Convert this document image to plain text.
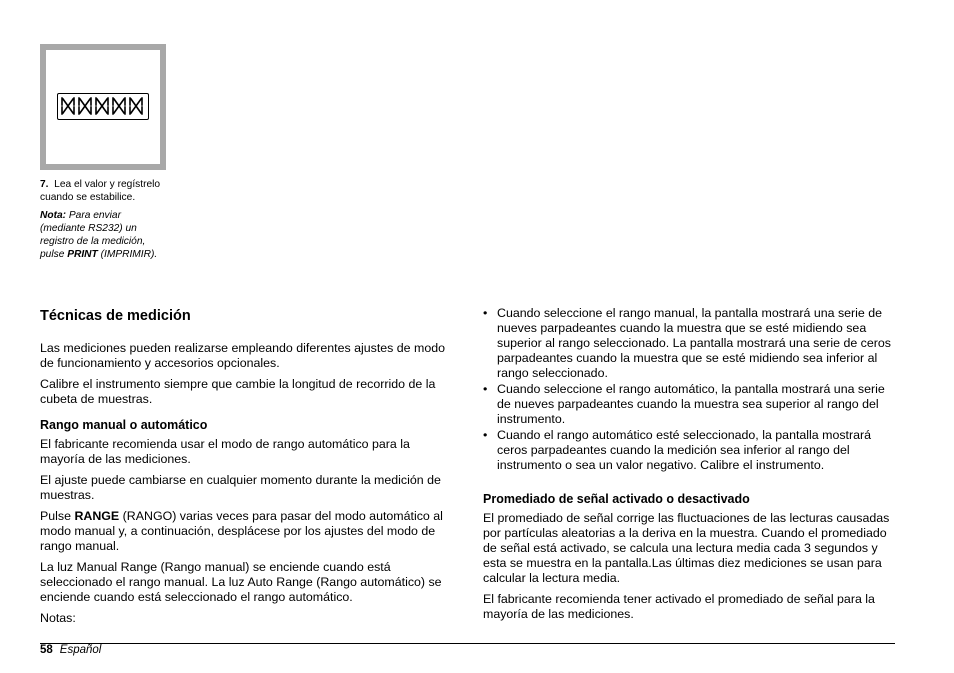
7. Lea el valor y regístrelo cuando se estabilice.

Nota: Para enviar (mediante RS232) un registro de la medición, pulse PRINT (IMPRIMIR).

Técnicas de medición

Las mediciones pueden realizarse empleando diferentes ajustes de modo de funcionamiento y accesorios opcionales.

Calibre el instrumento siempre que cambie la longitud de recorrido de la cubeta de muestras.

Rango manual o automático

El fabricante recomienda usar el modo de rango automático para la mayoría de las mediciones.

El ajuste puede cambiarse en cualquier momento durante la medición de muestras.

Pulse RANGE (RANGO) varias veces para pasar del modo automático al modo manual y, a continuación, desplácese por los ajustes del modo de rango manual.

La luz Manual Range (Rango manual) se enciende cuando está seleccionado el rango manual. La luz Auto Range (Rango automático) se enciende cuando está seleccionado el rango automático.

Notas:

• Cuando seleccione el rango manual, la pantalla mostrará una serie de nueves parpadeantes cuando la muestra que se esté midiendo sea superior al rango seleccionado. La pantalla mostrará una serie de ceros parpadeantes cuando la muestra que se esté midiendo sea inferior al rango seleccionado.
• Cuando seleccione el rango automático, la pantalla mostrará una serie de nueves parpadeantes cuando la muestra sea superior al rango del instrumento.
• Cuando el rango automático esté seleccionado, la pantalla mostrará ceros parpadeantes cuando la medición sea inferior al rango del instrumento o sea un valor negativo. Calibre el instrumento.
Promediado de señal activado o desactivado

El promediado de señal corrige las fluctuaciones de las lecturas causadas por partículas aleatorias a la deriva en la muestra. Cuando el promediado de señal está activado, se calcula una lectura media cada 3 segundos y esta se muestra en la pantalla.Las últimas diez mediciones se usan para calcular la lectura media.

El fabricante recomienda tener activado el promediado de señal para la mayoría de las mediciones.

58 Español
